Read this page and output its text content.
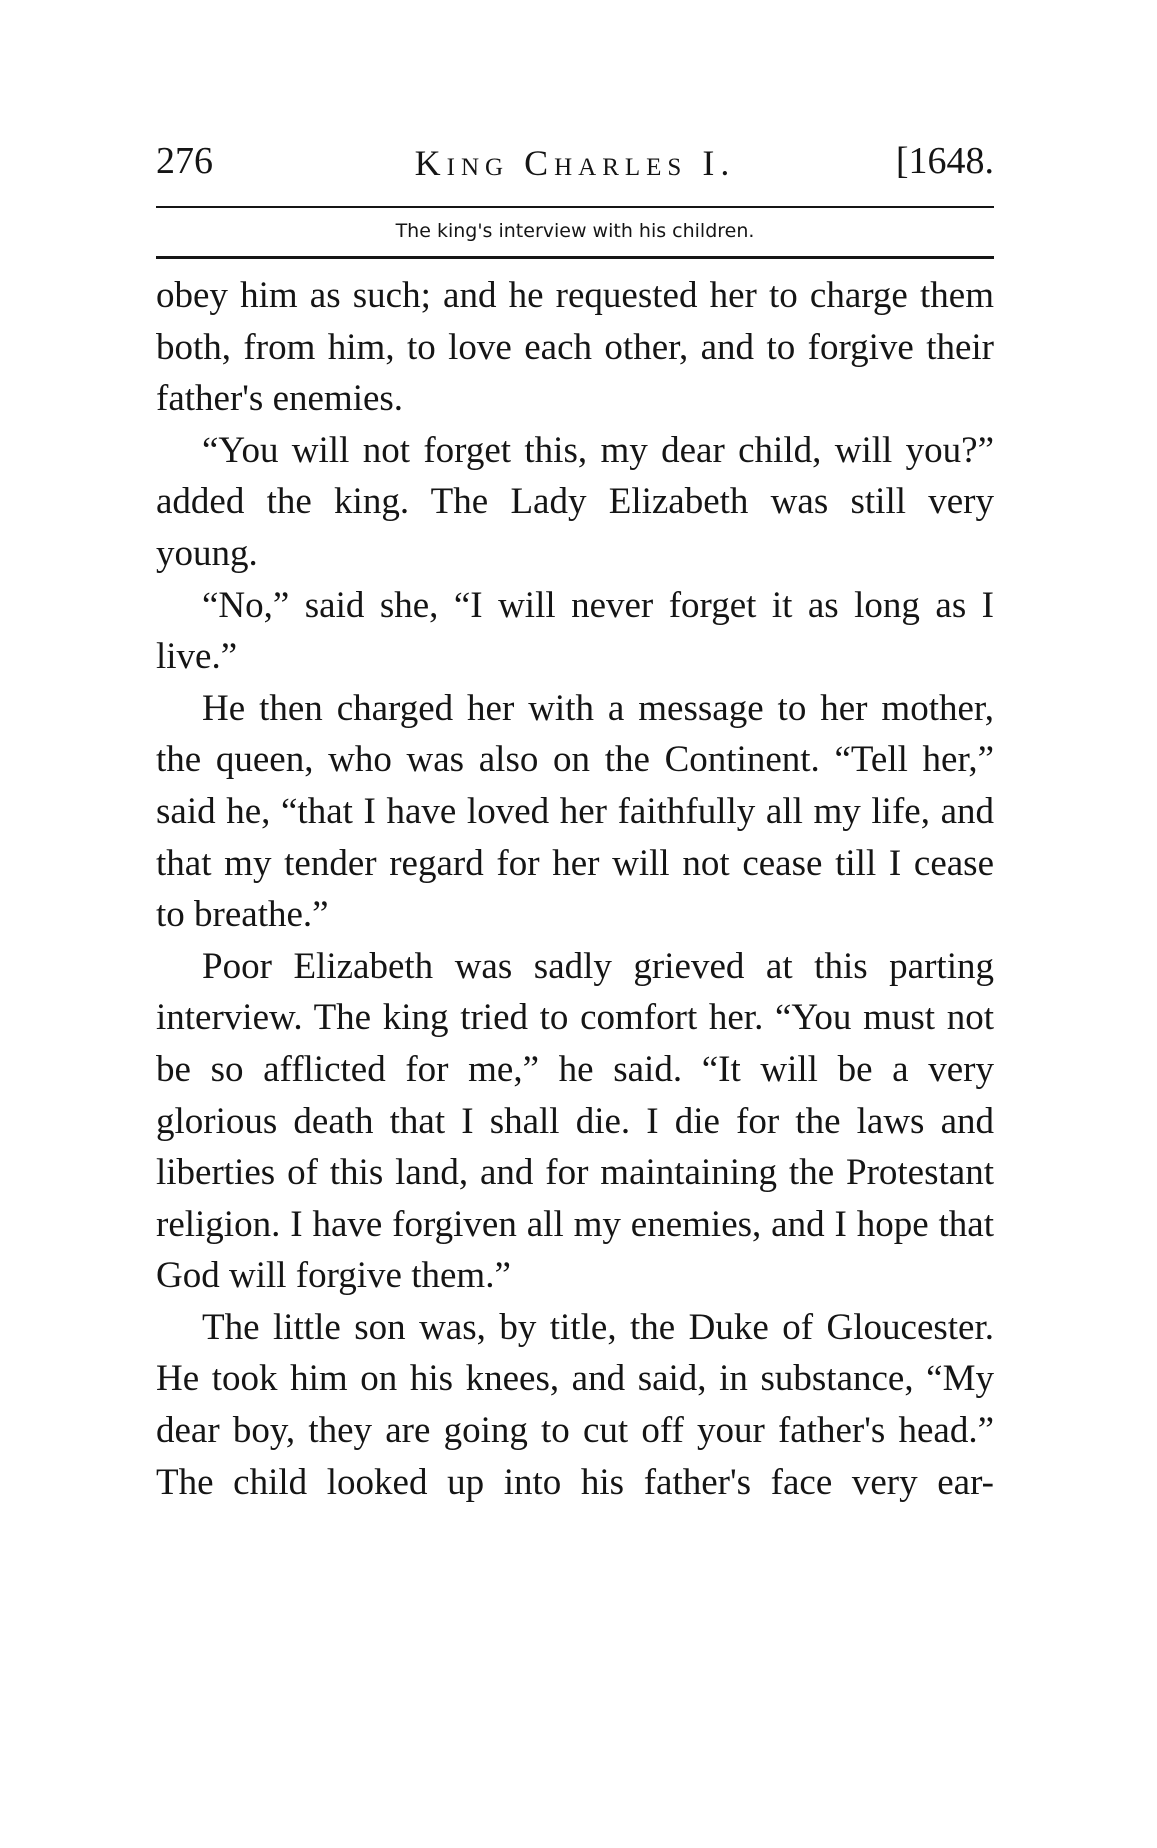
276	King Charles I.	[1648.
The king's interview with his children.

obey him as such; and he requested her to charge them both, from him, to love each other, and to forgive their father's enemies.

“You will not forget this, my dear child, will you?” added the king. The Lady Elizabeth was still very young.

“No,” said she, “I will never forget it as long as I live.”

He then charged her with a message to her mother, the queen, who was also on the Continent. “Tell her,” said he, “that I have loved her faithfully all my life, and that my tender regard for her will not cease till I cease to breathe.”

Poor Elizabeth was sadly grieved at this parting interview. The king tried to comfort her. “You must not be so afflicted for me,” he said. “It will be a very glorious death that I shall die. I die for the laws and liberties of this land, and for maintaining the Protestant religion. I have forgiven all my enemies, and I hope that God will forgive them.”

The little son was, by title, the Duke of Gloucester. He took him on his knees, and said, in substance, “My dear boy, they are going to cut off your father's head.” The child looked up into his father's face very ear-
